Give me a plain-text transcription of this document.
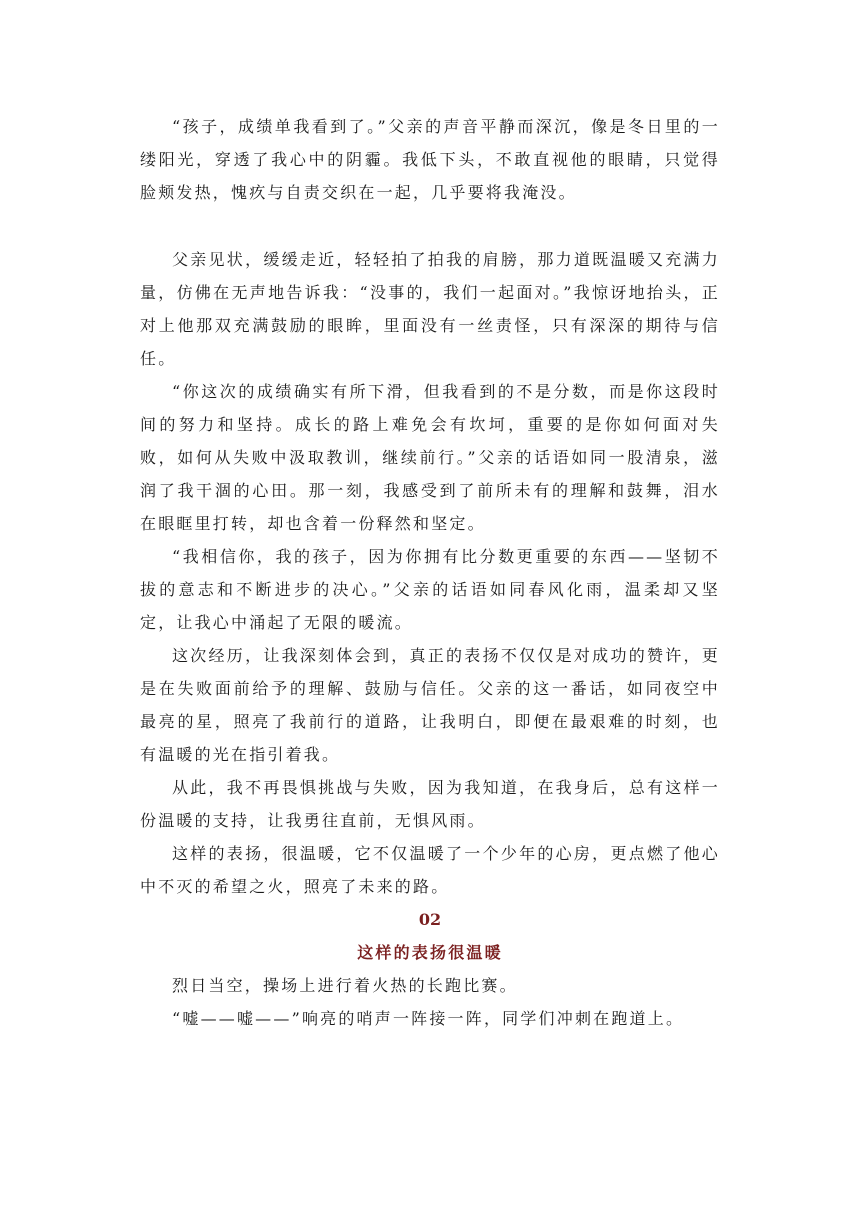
“孩子，成绩单我看到了。”父亲的声音平静而深沉，像是冬日里的一缕阳光，穿透了我心中的阴霾。我低下头，不敢直视他的眼睛，只觉得脸颊发热，愧疚与自责交织在一起，几乎要将我淹没。

父亲见状，缓缓走近，轻轻拍了拍我的肩膀，那力道既温暖又充满力量，仿佛在无声地告诉我：“没事的，我们一起面对。”我惊讶地抬头，正对上他那双充满鼓励的眼眸，里面没有一丝责怪，只有深深的期待与信任。

“你这次的成绩确实有所下滑，但我看到的不是分数，而是你这段时间的努力和坚持。成长的路上难免会有坎坷，重要的是你如何面对失败，如何从失败中汲取教训，继续前行。”父亲的话语如同一股清泉，滋润了我干涸的心田。那一刻，我感受到了前所未有的理解和鼓舞，泪水在眼眶里打转，却也含着一份释然和坚定。

“我相信你，我的孩子，因为你拥有比分数更重要的东西——坚韧不拔的意志和不断进步的决心。”父亲的话语如同春风化雨，温柔却又坚定，让我心中涌起了无限的暖流。

这次经历，让我深刻体会到，真正的表扬不仅仅是对成功的赞许，更是在失败面前给予的理解、鼓励与信任。父亲的这一番话，如同夜空中最亮的星，照亮了我前行的道路，让我明白，即便在最艰难的时刻，也有温暖的光在指引着我。

从此，我不再畏惧挑战与失败，因为我知道，在我身后，总有这样一份温暖的支持，让我勇往直前，无惧风雨。

这样的表扬，很温暖，它不仅温暖了一个少年的心房，更点燃了他心中不灭的希望之火，照亮了未来的路。

02

这样的表扬很温暖

烈日当空，操场上进行着火热的长跑比赛。

“嘘——嘘——”响亮的哨声一阵接一阵，同学们冲刺在跑道上。
